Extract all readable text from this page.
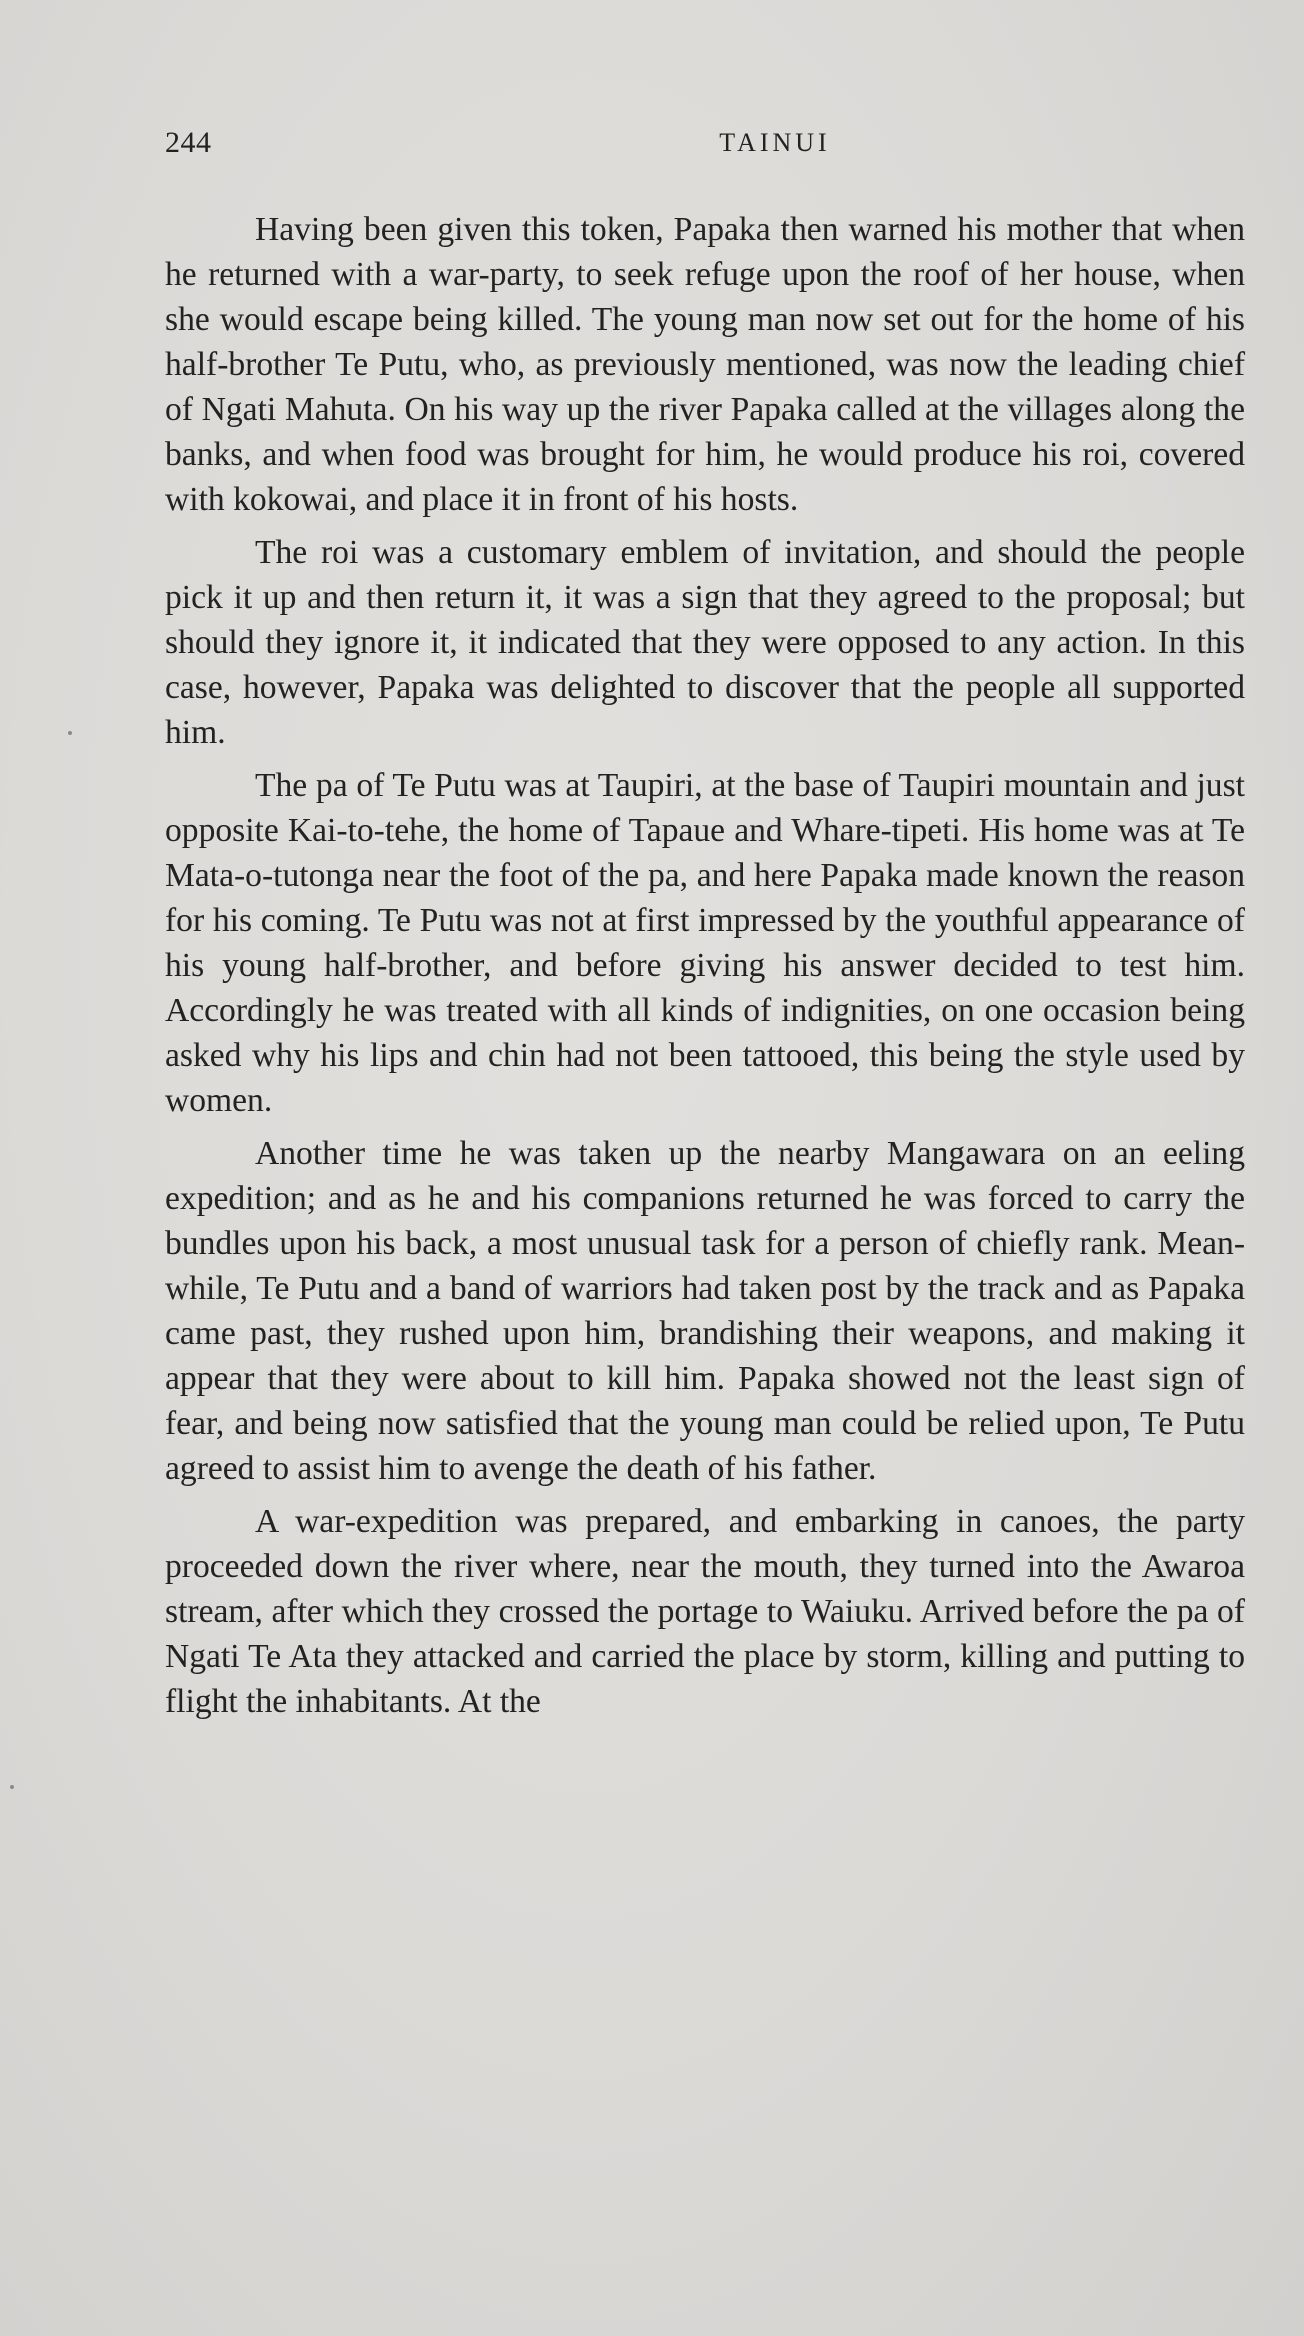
244	TAINUI

Having been given this token, Papaka then warned his mother that when he returned with a war-party, to seek refuge upon the roof of her house, when she would escape being killed. The young man now set out for the home of his half-brother Te Putu, who, as previously mentioned, was now the leading chief of Ngati Mahuta. On his way up the river Papaka called at the villages along the banks, and when food was brought for him, he would produce his roi, covered with kokowai, and place it in front of his hosts.

The roi was a customary emblem of invitation, and should the people pick it up and then return it, it was a sign that they agreed to the proposal; but should they ignore it, it indicated that they were opposed to any action. In this case, however, Papaka was delighted to discover that the people all supported him.

The pa of Te Putu was at Taupiri, at the base of Taupiri mountain and just opposite Kai-to-tehe, the home of Tapaue and Whare-tipeti. His home was at Te Mata-o-tutonga near the foot of the pa, and here Papaka made known the reason for his coming. Te Putu was not at first impressed by the youthful appearance of his young half-brother, and before giving his answer decided to test him. Accordingly he was treated with all kinds of indignities, on one occasion being asked why his lips and chin had not been tattooed, this being the style used by women.

Another time he was taken up the nearby Mangawara on an eeling expedition; and as he and his companions returned he was forced to carry the bundles upon his back, a most unusual task for a person of chiefly rank. Meanwhile, Te Putu and a band of warriors had taken post by the track and as Papaka came past, they rushed upon him, brandishing their weapons, and making it appear that they were about to kill him. Papaka showed not the least sign of fear, and being now satisfied that the young man could be relied upon, Te Putu agreed to assist him to avenge the death of his father.

A war-expedition was prepared, and embarking in canoes, the party proceeded down the river where, near the mouth, they turned into the Awaroa stream, after which they crossed the portage to Waiuku. Arrived before the pa of Ngati Te Ata they attacked and carried the place by storm, killing and putting to flight the inhabitants. At the
